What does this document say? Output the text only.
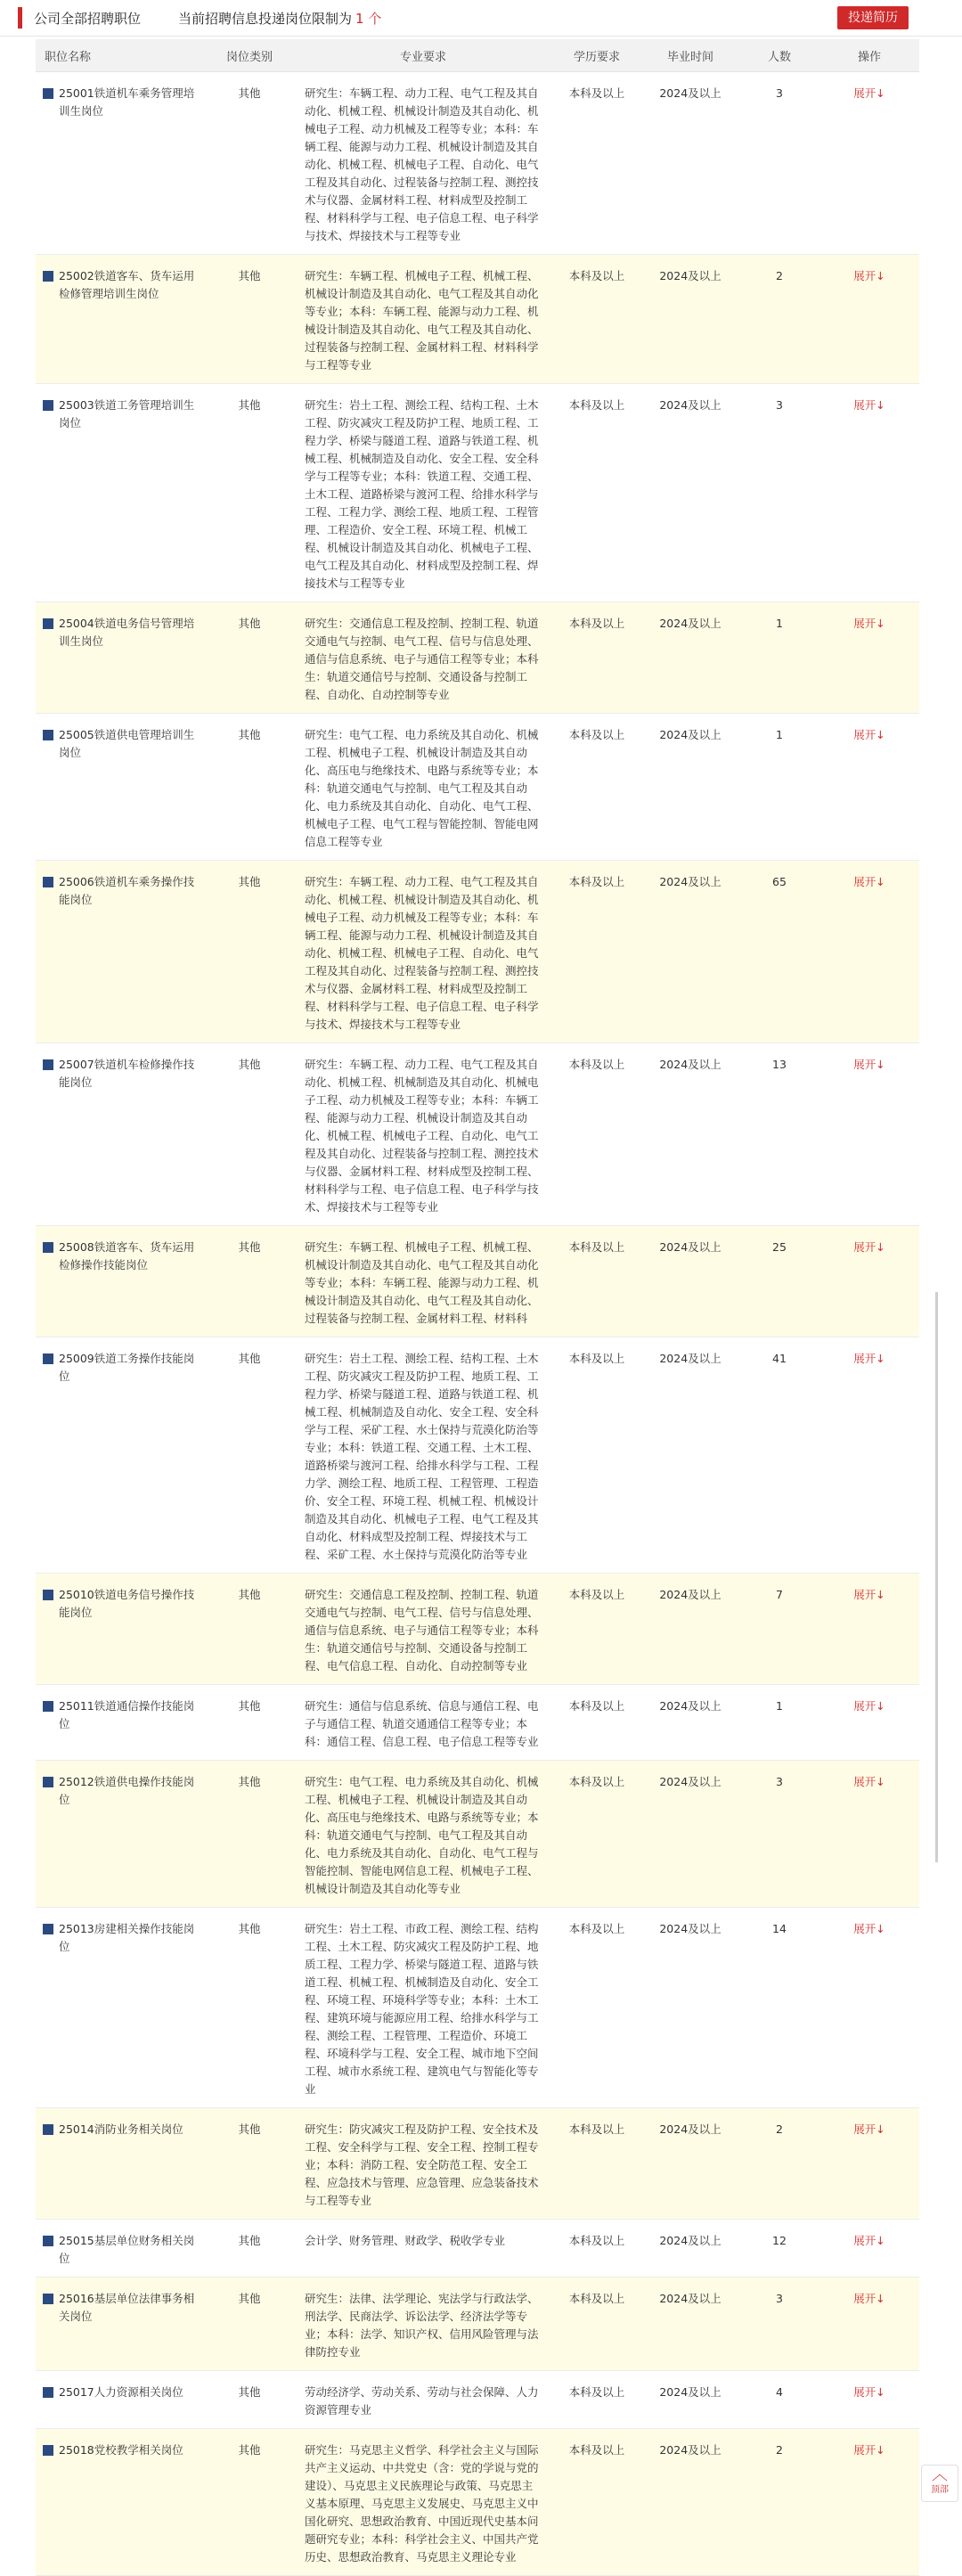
公司全部招聘职位	当前招聘信息投递岗位限制为 1 个	投递简历
职位名称	岗位类别	专业要求	学历要求	毕业时间	人数	操作

25001铁道机车乘务管理培训生岗位	其他	研究生：车辆工程、动力工程、电气工程及其自动化、机械工程、机械设计制造及其自动化、机械电子工程、动力机械及工程等专业；本科：车辆工程、能源与动力工程、机械设计制造及其自动化、机械工程、机械电子工程、自动化、电气工程及其自动化、过程装备与控制工程、测控技术与仪器、金属材料工程、材料成型及控制工程、材料科学与工程、电子信息工程、电子科学与技术、焊接技术与工程等专业	本科及以上	2024及以上	3	展开↓

25002铁道客车、货车运用检修管理培训生岗位	其他	研究生：车辆工程、机械电子工程、机械工程、机械设计制造及其自动化、电气工程及其自动化等专业；本科：车辆工程、能源与动力工程、机械设计制造及其自动化、电气工程及其自动化、过程装备与控制工程、金属材料工程、材料科学与工程等专业	本科及以上	2024及以上	2	展开↓

25003铁道工务管理培训生岗位	其他	研究生：岩土工程、测绘工程、结构工程、土木工程、防灾减灾工程及防护工程、地质工程、工程力学、桥梁与隧道工程、道路与铁道工程、机械工程、机械制造及自动化、安全工程、安全科学与工程等专业；本科：铁道工程、交通工程、土木工程、道路桥梁与渡河工程、给排水科学与工程、工程力学、测绘工程、地质工程、工程管理、工程造价、安全工程、环境工程、机械工程、机械设计制造及其自动化、机械电子工程、电气工程及其自动化、材料成型及控制工程、焊接技术与工程等专业	本科及以上	2024及以上	3	展开↓

25004铁道电务信号管理培训生岗位	其他	研究生：交通信息工程及控制、控制工程、轨道交通电气与控制、电气工程、信号与信息处理、通信与信息系统、电子与通信工程等专业；本科生：轨道交通信号与控制、交通设备与控制工程、自动化、自动控制等专业	本科及以上	2024及以上	1	展开↓

25005铁道供电管理培训生岗位	其他	研究生：电气工程、电力系统及其自动化、机械工程、机械电子工程、机械设计制造及其自动化、高压电与绝缘技术、电路与系统等专业；本科：轨道交通电气与控制、电气工程及其自动化、电力系统及其自动化、自动化、电气工程、机械电子工程、电气工程与智能控制、智能电网信息工程等专业	本科及以上	2024及以上	1	展开↓

25006铁道机车乘务操作技能岗位	其他	研究生：车辆工程、动力工程、电气工程及其自动化、机械工程、机械设计制造及其自动化、机械电子工程、动力机械及工程等专业；本科：车辆工程、能源与动力工程、机械设计制造及其自动化、机械工程、机械电子工程、自动化、电气工程及其自动化、过程装备与控制工程、测控技术与仪器、金属材料工程、材料成型及控制工程、材料科学与工程、电子信息工程、电子科学与技术、焊接技术与工程等专业	本科及以上	2024及以上	65	展开↓

25007铁道机车检修操作技能岗位	其他	研究生：车辆工程、动力工程、电气工程及其自动化、机械工程、机械制造及其自动化、机械电子工程、动力机械及工程等专业；本科：车辆工程、能源与动力工程、机械设计制造及其自动化、机械工程、机械电子工程、自动化、电气工程及其自动化、过程装备与控制工程、测控技术与仪器、金属材料工程、材料成型及控制工程、材料科学与工程、电子信息工程、电子科学与技术、焊接技术与工程等专业	本科及以上	2024及以上	13	展开↓

25008铁道客车、货车运用检修操作技能岗位	其他	研究生：车辆工程、机械电子工程、机械工程、机械设计制造及其自动化、电气工程及其自动化等专业；本科：车辆工程、能源与动力工程、机械设计制造及其自动化、电气工程及其自动化、过程装备与控制工程、金属材料工程、材料科	本科及以上	2024及以上	25	展开↓

25009铁道工务操作技能岗位	其他	研究生：岩土工程、测绘工程、结构工程、土木工程、防灾减灾工程及防护工程、地质工程、工程力学、桥梁与隧道工程、道路与铁道工程、机械工程、机械制造及自动化、安全工程、安全科学与工程、采矿工程、水土保持与荒漠化防治等专业；本科：铁道工程、交通工程、土木工程、道路桥梁与渡河工程、给排水科学与工程、工程力学、测绘工程、地质工程、工程管理、工程造价、安全工程、环境工程、机械工程、机械设计制造及其自动化、机械电子工程、电气工程及其自动化、材料成型及控制工程、焊接技术与工程、采矿工程、水土保持与荒漠化防治等专业	本科及以上	2024及以上	41	展开↓

25010铁道电务信号操作技能岗位	其他	研究生：交通信息工程及控制、控制工程、轨道交通电气与控制、电气工程、信号与信息处理、通信与信息系统、电子与通信工程等专业；本科生：轨道交通信号与控制、交通设备与控制工程、电气信息工程、自动化、自动控制等专业	本科及以上	2024及以上	7	展开↓

25011铁道通信操作技能岗位	其他	研究生：通信与信息系统、信息与通信工程、电子与通信工程、轨道交通通信工程等专业；本科：通信工程、信息工程、电子信息工程等专业	本科及以上	2024及以上	1	展开↓

25012铁道供电操作技能岗位	其他	研究生：电气工程、电力系统及其自动化、机械工程、机械电子工程、机械设计制造及其自动化、高压电与绝缘技术、电路与系统等专业；本科：轨道交通电气与控制、电气工程及其自动化、电力系统及其自动化、自动化、电气工程与智能控制、智能电网信息工程、机械电子工程、机械设计制造及其自动化等专业	本科及以上	2024及以上	3	展开↓

25013房建相关操作技能岗位	其他	研究生：岩土工程、市政工程、测绘工程、结构工程、土木工程、防灾减灾工程及防护工程、地质工程、工程力学、桥梁与隧道工程、道路与铁道工程、机械工程、机械制造及自动化、安全工程、环境工程、环境科学等专业；本科：土木工程、建筑环境与能源应用工程、给排水科学与工程、测绘工程、工程管理、工程造价、环境工程、环境科学与工程、安全工程、城市地下空间工程、城市水系统工程、建筑电气与智能化等专业	本科及以上	2024及以上	14	展开↓

25014消防业务相关岗位	其他	研究生：防灾减灾工程及防护工程、安全技术及工程、安全科学与工程、安全工程、控制工程专业；本科：消防工程、安全防范工程、安全工程、应急技术与管理、应急管理、应急装备技术与工程等专业	本科及以上	2024及以上	2	展开↓

25015基层单位财务相关岗位	其他	会计学、财务管理、财政学、税收学专业	本科及以上	2024及以上	12	展开↓

25016基层单位法律事务相关岗位	其他	研究生：法律、法学理论、宪法学与行政法学、刑法学、民商法学、诉讼法学、经济法学等专业；本科：法学、知识产权、信用风险管理与法律防控专业	本科及以上	2024及以上	3	展开↓

25017人力资源相关岗位	其他	劳动经济学、劳动关系、劳动与社会保障、人力资源管理专业	本科及以上	2024及以上	4	展开↓

25018党校教学相关岗位	其他	研究生：马克思主义哲学、科学社会主义与国际共产主义运动、中共党史（含：党的学说与党的建设）、马克思主义民族理论与政策、马克思主义基本原理、马克思主义发展史、马克思主义中国化研究、思想政治教育、中国近现代史基本问题研究专业；本科：科学社会主义、中国共产党历史、思想政治教育、马克思主义理论专业	本科及以上	2024及以上	2	展开↓
︿
顶部
